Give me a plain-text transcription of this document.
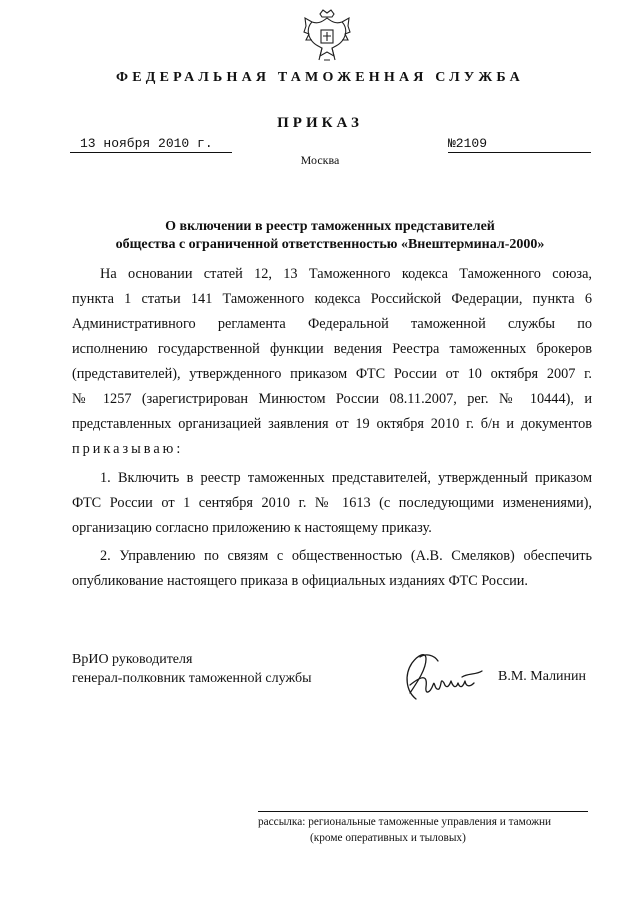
ФЕДЕРАЛЬНАЯ ТАМОЖЕННАЯ СЛУЖБА
ПРИКАЗ
13 ноября 2010 г.	№2109
Москва
О включении в реестр таможенных представителей
общества с ограниченной ответственностью «Внештерминал-2000»
На основании статей 12, 13 Таможенного кодекса Таможенного союза,
пункта 1 статьи 141 Таможенного кодекса Российской Федерации, пункта 6
Административного регламента Федеральной таможенной службы по
исполнению государственной функции ведения Реестра таможенных брокеров
(представителей), утвержденного приказом ФТС России от 10 октября 2007 г.
№ 1257 (зарегистрирован Минюстом России 08.11.2007, рег. № 10444), и
представленных организацией заявления от 19 октября 2010 г. б/н и документов
приказываю:
1. Включить в реестр таможенных представителей, утвержденный приказом
ФТС России от 1 сентября 2010 г. № 1613 (с последующими изменениями),
организацию согласно приложению к настоящему приказу.
2. Управлению по связям с общественностью (А.В. Смеляков) обеспечить
опубликование настоящего приказа в официальных изданиях ФТС России.
ВрИО руководителя
генерал-полковник таможенной службы	В.М. Малинин
рассылка: региональные таможенные управления и таможни
(кроме оперативных и тыловых)
